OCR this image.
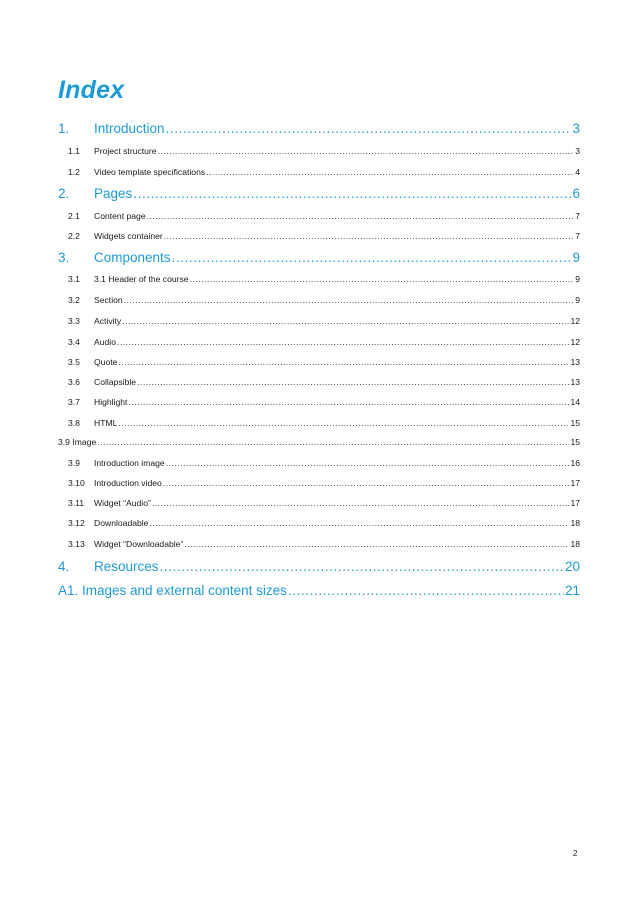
Index
1.	Introduction .....	3
1.1	Project structure .....	3
1.2	Video template specifications .....	4
2.	Pages .....	6
2.1	Content page .....	7
2.2	Widgets container .....	7
3.	Components .....	9
3.1	3.1 Header of the course .....	9
3.2	Section .....	9
3.3	Activity .....	12
3.4	Audio .....	12
3.5	Quote .....	13
3.6	Collapsible .....	13
3.7	Highlight .....	14
3.8	HTML .....	15
3.9 Image .....	15
3.9	Introduction image .....	16
3.10	Introduction video .....	17
3.11	Widget “Audio” .....	17
3.12	Downloadable .....	18
3.13	Widget “Downloadable” .....	18
4.	Resources .....	20
A1. Images and external content sizes .....	21
2
